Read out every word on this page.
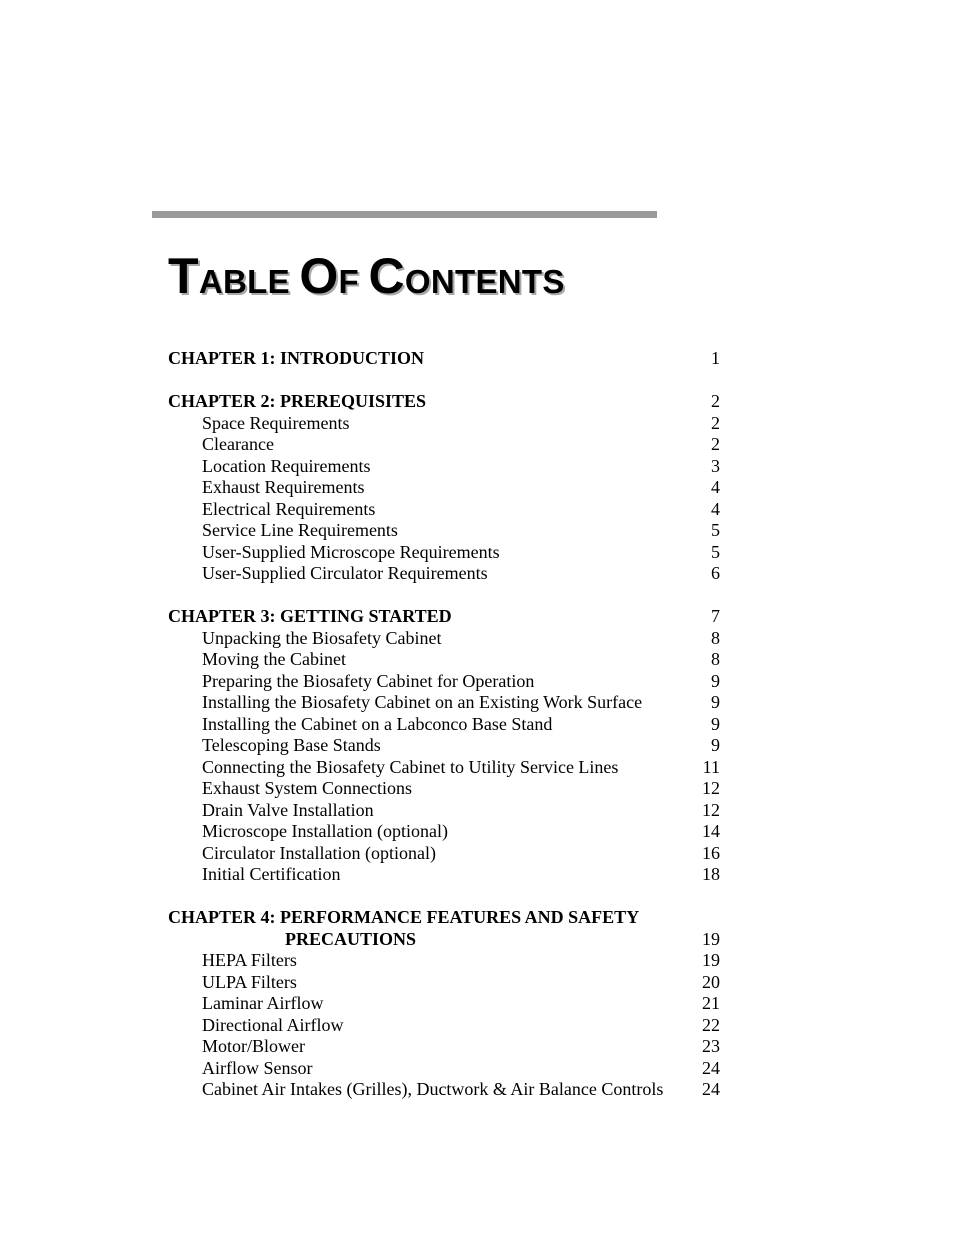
TABLE OF CONTENTS
CHAPTER 1: INTRODUCTION	1
CHAPTER 2: PREREQUISITES	2
Space Requirements	2
Clearance	2
Location Requirements	3
Exhaust Requirements	4
Electrical Requirements	4
Service Line Requirements	5
User-Supplied Microscope Requirements	5
User-Supplied Circulator Requirements	6
CHAPTER 3: GETTING STARTED	7
Unpacking the Biosafety Cabinet	8
Moving the Cabinet	8
Preparing the Biosafety Cabinet for Operation	9
Installing the Biosafety Cabinet on an Existing Work Surface	9
Installing the Cabinet on a Labconco Base Stand	9
Telescoping Base Stands	9
Connecting the Biosafety Cabinet to Utility Service Lines	11
Exhaust System Connections	12
Drain Valve Installation	12
Microscope Installation (optional)	14
Circulator Installation (optional)	16
Initial Certification	18
CHAPTER 4: PERFORMANCE FEATURES AND SAFETY
PRECAUTIONS	19
HEPA Filters	19
ULPA Filters	20
Laminar Airflow	21
Directional Airflow	22
Motor/Blower	23
Airflow Sensor	24
Cabinet Air Intakes (Grilles), Ductwork & Air Balance Controls 24
